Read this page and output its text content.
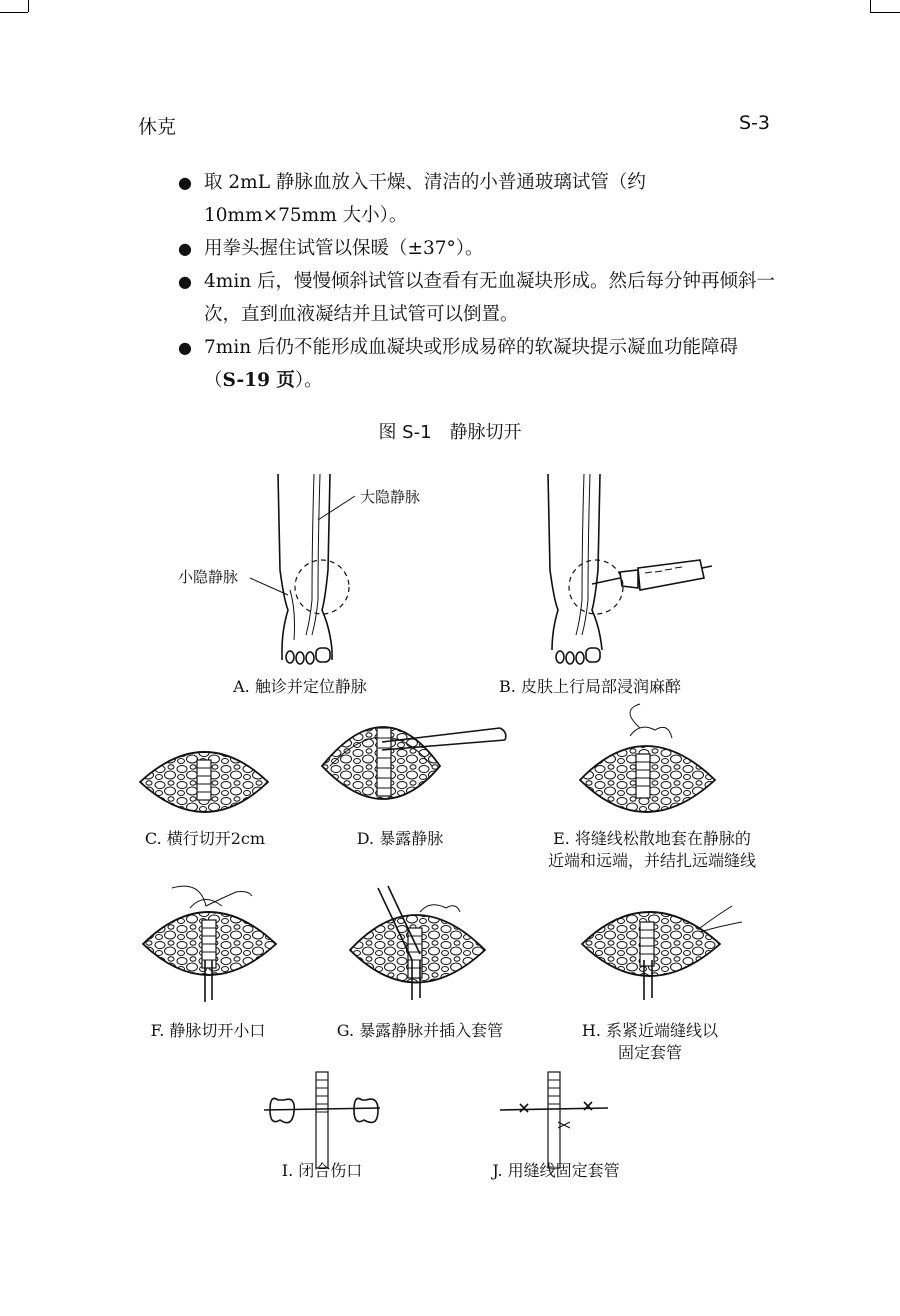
休克	S-3
● 取 2mL 静脉血放入干燥、清洁的小普通玻璃试管（约 10mm×75mm 大小）。
● 用拳头握住试管以保暖（±37°）。
● 4min 后，慢慢倾斜试管以查看有无血凝块形成。然后每分钟再倾斜一次，直到血液凝结并且试管可以倒置。
● 7min 后仍不能形成血凝块或形成易碎的软凝块提示凝血功能障碍（S-19 页）。
图 S-1　静脉切开
大隐静脉
小隐静脉
A. 触诊并定位静脉	B. 皮肤上行局部浸润麻醉
C. 横行切开2cm	D. 暴露静脉	E. 将缝线松散地套在静脉的
近端和远端，并结扎远端缝线
F. 静脉切开小口	G. 暴露静脉并插入套管	H. 系紧近端缝线以
固定套管
I. 闭合伤口	J. 用缝线固定套管
